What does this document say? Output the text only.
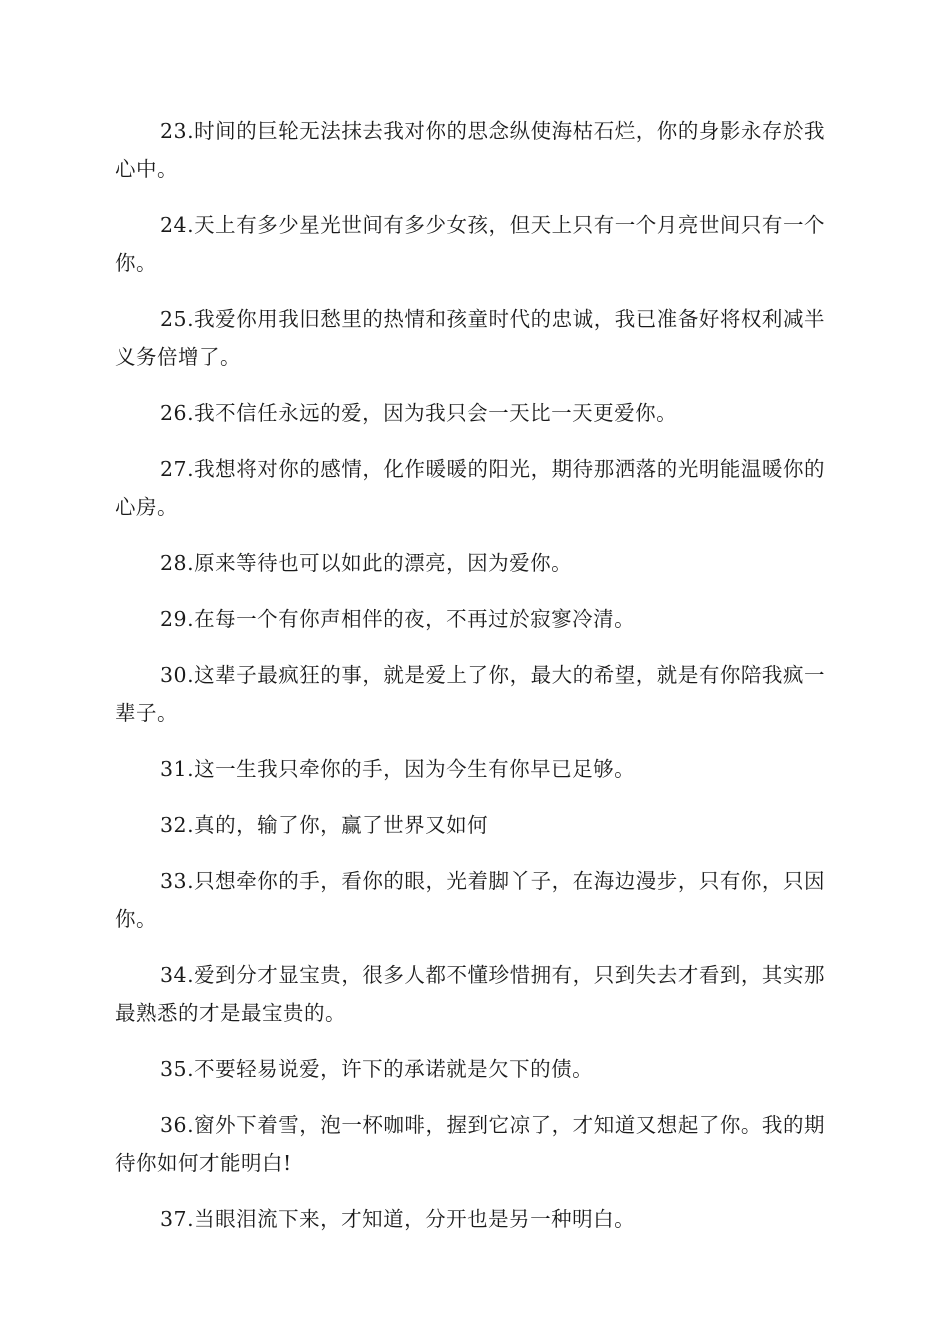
23.时间的巨轮无法抹去我对你的思念纵使海枯石烂，你的身影永存於我心中。

24.天上有多少星光世间有多少女孩，但天上只有一个月亮世间只有一个你。

25.我爱你用我旧愁里的热情和孩童时代的忠诚，我已准备好将权利减半义务倍增了。

26.我不信任永远的爱，因为我只会一天比一天更爱你。

27.我想将对你的感情，化作暖暖的阳光，期待那洒落的光明能温暖你的心房。

28.原来等待也可以如此的漂亮，因为爱你。

29.在每一个有你声相伴的夜，不再过於寂寥冷清。

30.这辈子最疯狂的事，就是爱上了你，最大的希望，就是有你陪我疯一辈子。

31.这一生我只牵你的手，因为今生有你早已足够。

32.真的，输了你，赢了世界又如何

33.只想牵你的手，看你的眼，光着脚丫子，在海边漫步，只有你，只因你。

34.爱到分才显宝贵，很多人都不懂珍惜拥有，只到失去才看到，其实那最熟悉的才是最宝贵的。

35.不要轻易说爱，许下的承诺就是欠下的债。

36.窗外下着雪，泡一杯咖啡，握到它凉了，才知道又想起了你。我的期待你如何才能明白!

37.当眼泪流下来，才知道，分开也是另一种明白。
